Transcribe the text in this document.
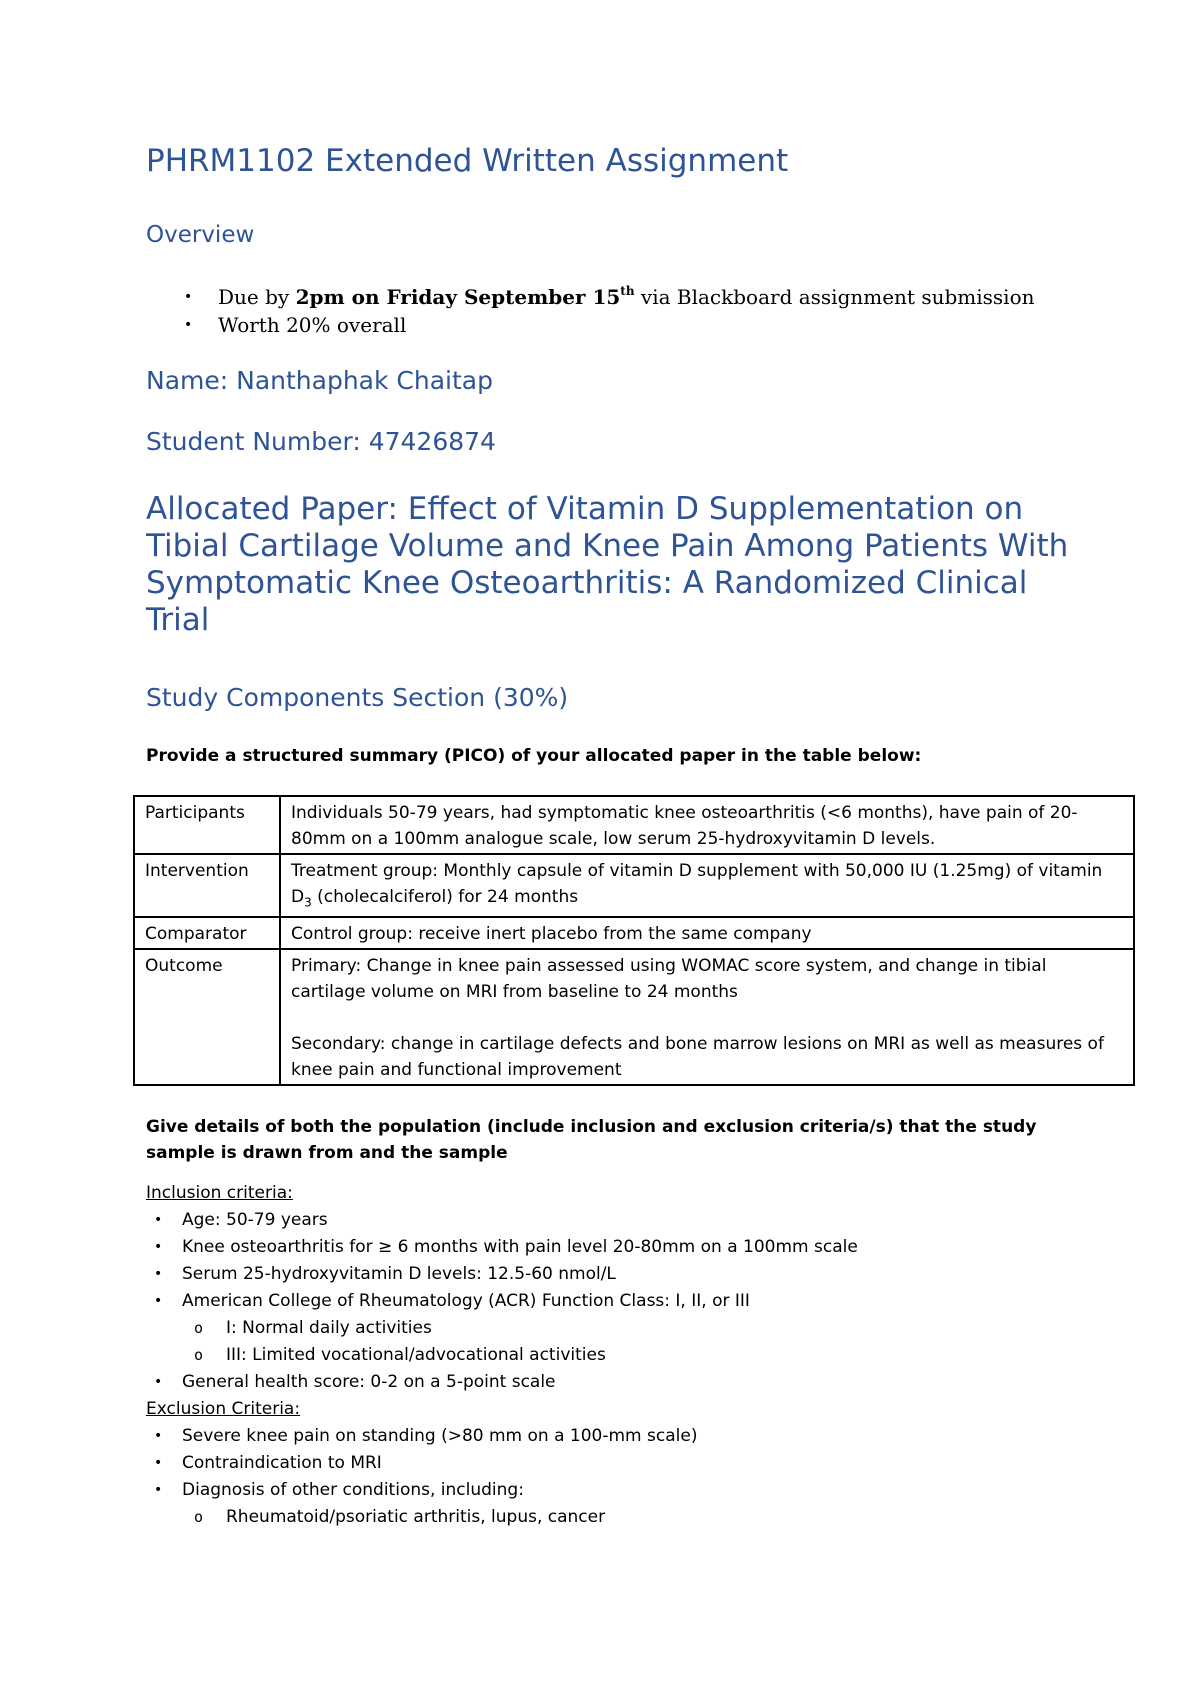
PHRM1102 Extended Written Assignment
Overview
• Due by 2pm on Friday September 15th via Blackboard assignment submission
• Worth 20% overall
Name: Nanthaphak Chaitap
Student Number: 47426874
Allocated Paper: Effect of Vitamin D Supplementation on Tibial Cartilage Volume and Knee Pain Among Patients With Symptomatic Knee Osteoarthritis: A Randomized Clinical Trial
Study Components Section (30%)

Provide a structured summary (PICO) of your allocated paper in the table below:

Participants	Individuals 50-79 years, had symptomatic knee osteoarthritis (<6 months), have pain of 20-80mm on a 100mm analogue scale, low serum 25-hydroxyvitamin D levels.
Intervention	Treatment group: Monthly capsule of vitamin D supplement with 50,000 IU (1.25mg) of vitamin $D_3$ (cholecalciferol) for 24 months
Comparator	Control group: receive inert placebo from the same company
Outcome	Primary: Change in knee pain assessed using WOMAC score system, and change in tibial cartilage volume on MRI from baseline to 24 months
Secondary: change in cartilage defects and bone marrow lesions on MRI as well as measures of knee pain and functional improvement

Give details of both the population (include inclusion and exclusion criteria/s) that the study sample is drawn from and the sample

Inclusion criteria:
• Age: 50-79 years
• Knee osteoarthritis for ≥ 6 months with pain level 20-80mm on a 100mm scale
• Serum 25-hydroxyvitamin D levels: 12.5-60 nmol/L
• American College of Rheumatology (ACR) Function Class: I, II, or III
o I: Normal daily activities
o III: Limited vocational/advocational activities
• General health score: 0-2 on a 5-point scale
Exclusion Criteria:
• Severe knee pain on standing (>80 mm on a 100-mm scale)
• Contraindication to MRI
• Diagnosis of other conditions, including:
o Rheumatoid/psoriatic arthritis, lupus, cancer
